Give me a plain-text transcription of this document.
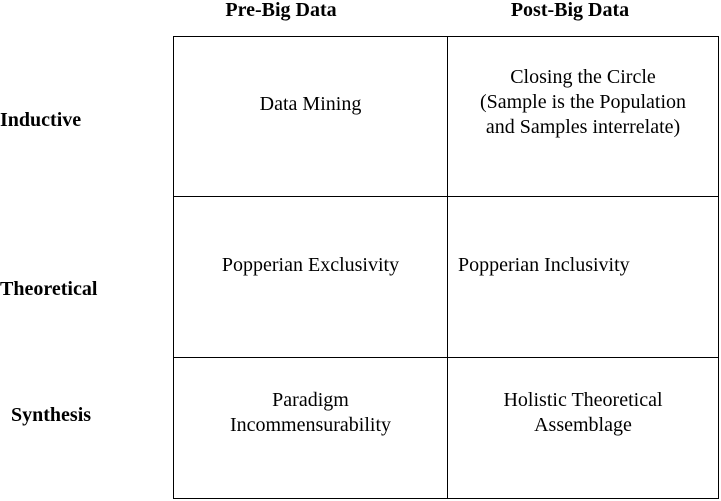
Pre-Big Data	Post-Big Data
Inductive
Theoretical
Synthesis
Data Mining
Closing the Circle
(Sample is the Population
and Samples interrelate)
Popperian Exclusivity	Popperian Inclusivity
Paradigm
Incommensurability
Holistic Theoretical
Assemblage
